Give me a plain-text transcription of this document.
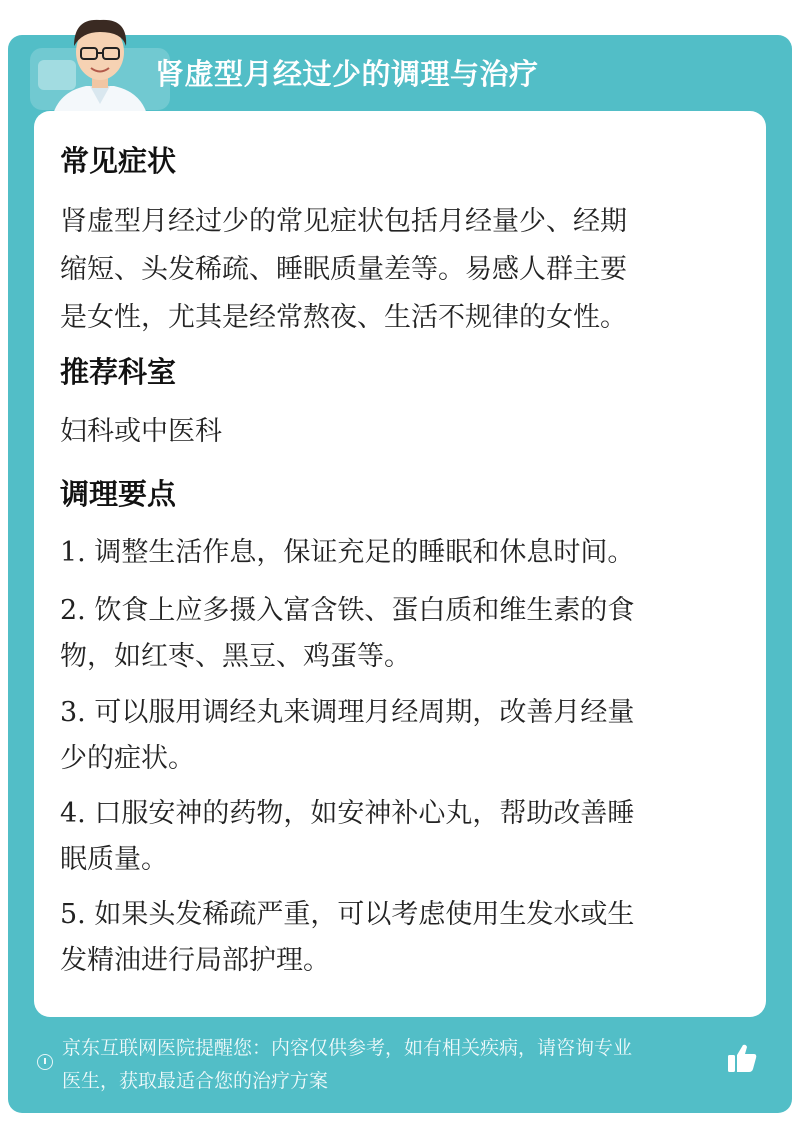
肾虚型月经过少的调理与治疗
常见症状
肾虚型月经过少的常见症状包括月经量少、经期
缩短、头发稀疏、睡眠质量差等。易感人群主要
是女性，尤其是经常熬夜、生活不规律的女性。
推荐科室
妇科或中医科
调理要点
1. 调整生活作息，保证充足的睡眠和休息时间。
2. 饮食上应多摄入富含铁、蛋白质和维生素的食
物，如红枣、黑豆、鸡蛋等。
3. 可以服用调经丸来调理月经周期，改善月经量
少的症状。
4. 口服安神的药物，如安神补心丸，帮助改善睡
眠质量。
5. 如果头发稀疏严重，可以考虑使用生发水或生
发精油进行局部护理。
京东互联网医院提醒您：内容仅供参考，如有相关疾病，请咨询专业
医生，获取最适合您的治疗方案
